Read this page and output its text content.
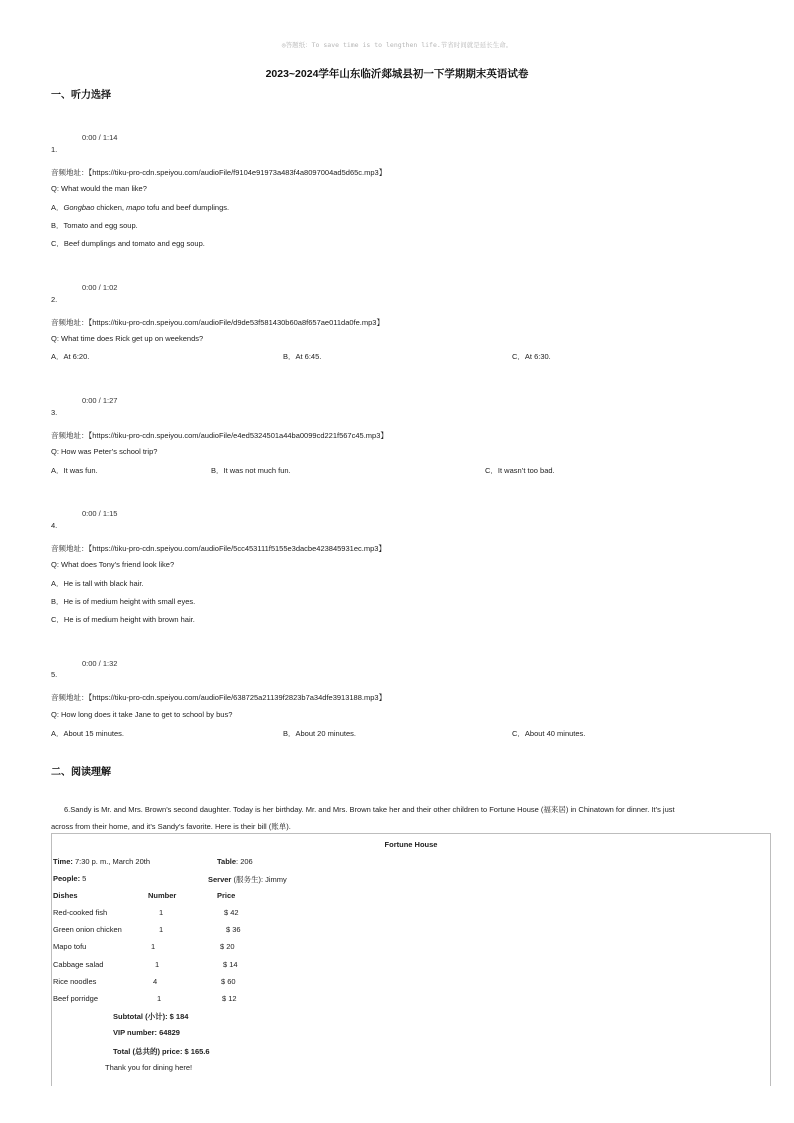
◎答题纸：To save time is to lengthen life.节省时间就是延长生命。
2023~2024学年山东临沂郯城县初一下学期期末英语试卷
一、听力选择
0:00 / 1:14
1.
音频地址：【https://tiku-pro-cdn.speiyou.com/audioFile/f9104e91973a483f4a8097004ad5d65c.mp3】
Q: What would the man like?
A．Gongbao chicken, mapo tofu and beef dumplings.
B．Tomato and egg soup.
C．Beef dumplings and tomato and egg soup.
0:00 / 1:02
2.
音频地址：【https://tiku-pro-cdn.speiyou.com/audioFile/d9de53f581430b60a8f657ae011da0fe.mp3】
Q: What time does Rick get up on weekends?
A．At 6:20.	B．At 6:45.	C．At 6:30.
0:00 / 1:27
3.
音频地址：【https://tiku-pro-cdn.speiyou.com/audioFile/e4ed5324501a44ba0099cd221f567c45.mp3】
Q: How was Peter’s school trip?
A．It was fun.	B．It was not much fun.	C．It wasn’t too bad.
0:00 / 1:15
4.
音频地址：【https://tiku-pro-cdn.speiyou.com/audioFile/5cc453111f5155e3dacbe423845931ec.mp3】
Q: What does Tony’s friend look like?
A．He is tall with black hair.
B．He is of medium height with small eyes.
C．He is of medium height with brown hair.
0:00 / 1:32
5.
音频地址：【https://tiku-pro-cdn.speiyou.com/audioFile/638725a21139f2823b7a34dfe3913188.mp3】
Q: How long does it take Jane to get to school by bus?
A．About 15 minutes.	B．About 20 minutes.	C．About 40 minutes.
二、阅读理解
6.Sandy is Mr. and Mrs. Brown’s second daughter. Today is her birthday. Mr. and Mrs. Brown take her and their other children to Fortune House (福来居) in Chinatown for dinner. It’s just
across from their home, and it’s Sandy’s favorite. Here is their bill (账单).
Fortune House
Time: 7:30 p. m., March 20th	Table: 206
People: 5	Server (服务生): Jimmy
Dishes	Number	Price
Red-cooked fish	1	$ 42
Green onion chicken	1	$ 36
Mapo tofu	1	$ 20
Cabbage salad	1	$ 14
Rice noodles	4	$ 60
Beef porridge	1	$ 12
Subtotal (小计): $ 184
VIP number: 64829
Total (总共的) price: $ 165.6
Thank you for dining here!
